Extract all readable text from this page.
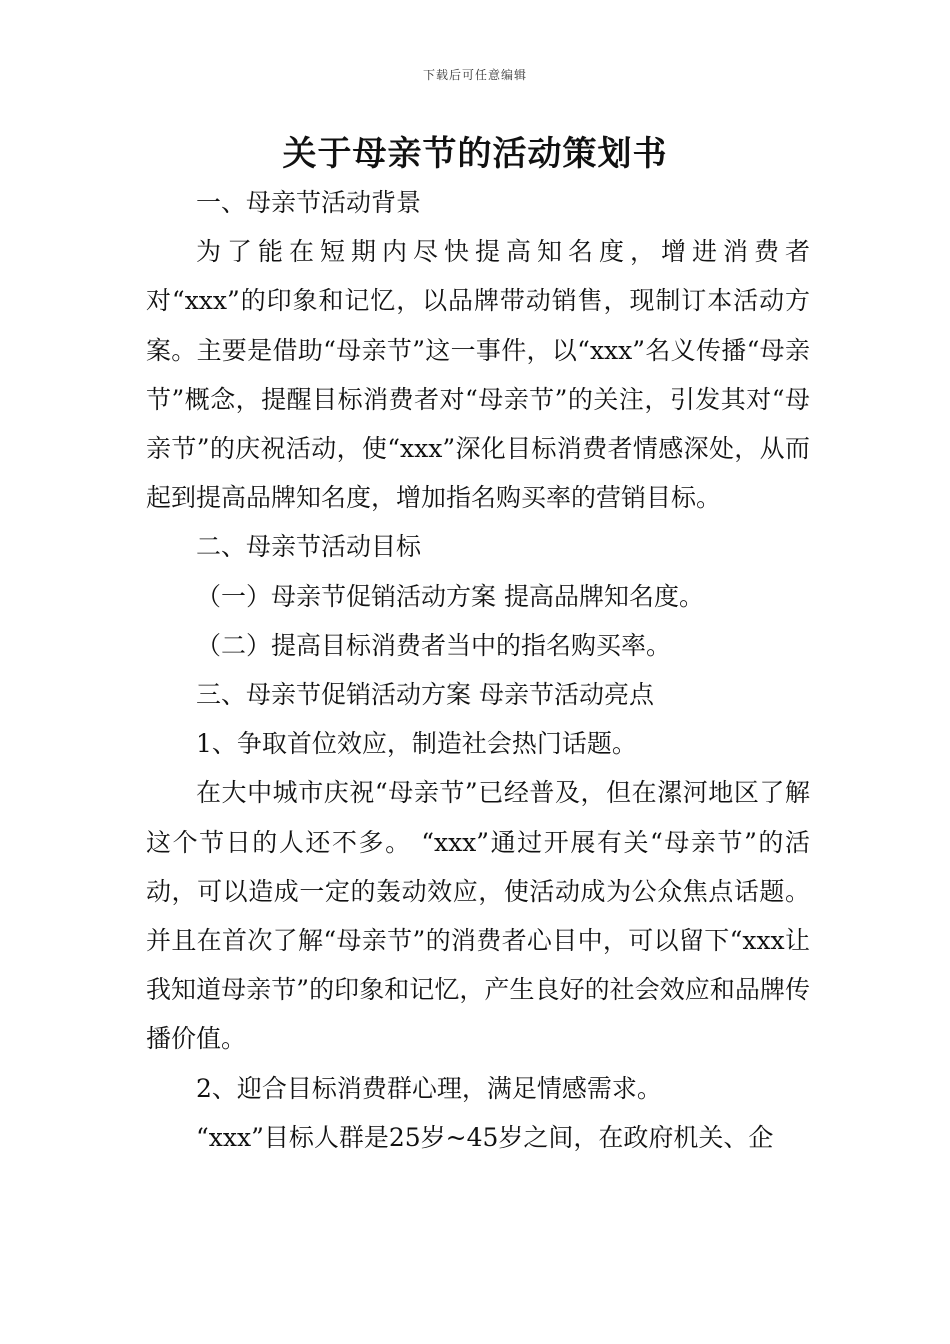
下载后可任意编辑
关于母亲节的活动策划书

一、母亲节活动背景

为了能在短期内尽快提高知名度，增进消费者对“xxx”的印象和记忆，以品牌带动销售，现制订本活动方案。主要是借助“母亲节”这一事件，以“xxx”名义传播“母亲节”概念，提醒目标消费者对“母亲节”的关注，引发其对“母亲节”的庆祝活动，使“xxx”深化目标消费者情感深处，从而起到提高品牌知名度，增加指名购买率的营销目标。

二、母亲节活动目标

（一）母亲节促销活动方案 提高品牌知名度。

（二）提高目标消费者当中的指名购买率。

三、母亲节促销活动方案 母亲节活动亮点

1、争取首位效应，制造社会热门话题。

在大中城市庆祝“母亲节”已经普及，但在漯河地区了解这个节日的人还不多。 “xxx”通过开展有关“母亲节”的活动，可以造成一定的轰动效应，使活动成为公众焦点话题。并且在首次了解“母亲节”的消费者心目中，可以留下“xxx让我知道母亲节”的印象和记忆，产生良好的社会效应和品牌传播价值。

2、迎合目标消费群心理，满足情感需求。

“xxx”目标人群是25岁~45岁之间，在政府机关、企
